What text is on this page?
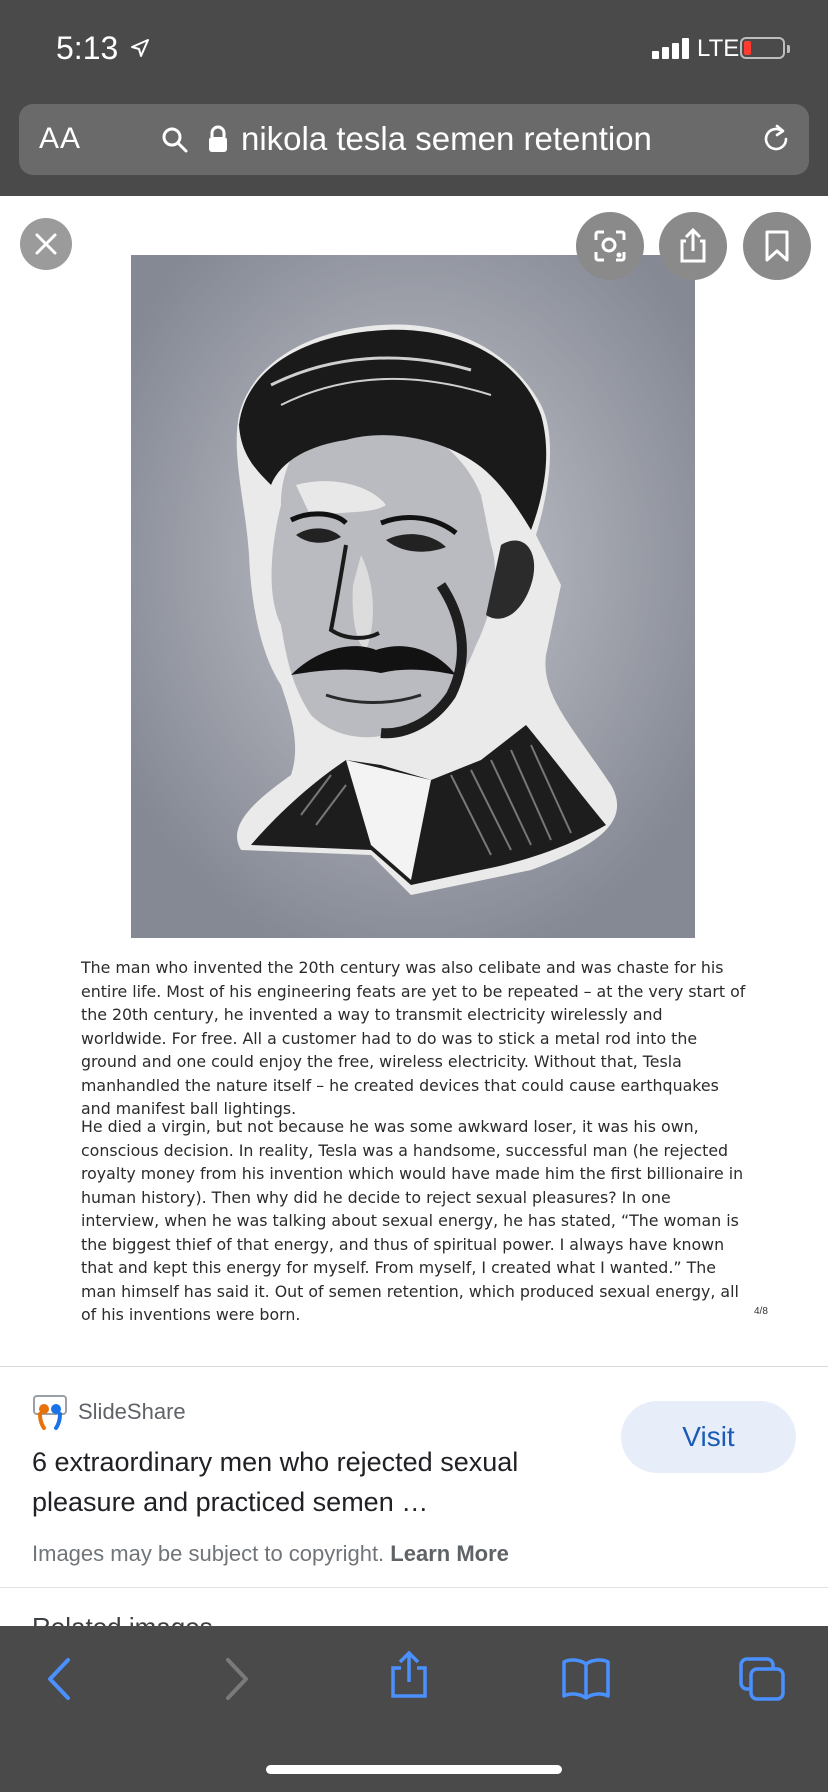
5:13	LTE
AA	nikola tesla semen retention

The man who invented the 20th century was also celibate and was chaste for his entire life. Most of his engineering feats are yet to be repeated – at the very start of the 20th century, he invented a way to transmit electricity wirelessly and worldwide. For free. All a customer had to do was to stick a metal rod into the ground and one could enjoy the free, wireless electricity. Without that, Tesla manhandled the nature itself – he created devices that could cause earthquakes and manifest ball lightings.

He died a virgin, but not because he was some awkward loser, it was his own, conscious decision. In reality, Tesla was a handsome, successful man (he rejected royalty money from his invention which would have made him the first billionaire in human history). Then why did he decide to reject sexual pleasures? In one interview, when he was talking about sexual energy, he has stated, “The woman is the biggest thief of that energy, and thus of spiritual power. I always have known that and kept this energy for myself. From myself, I created what I wanted.” The man himself has said it. Out of semen retention, which produced sexual energy, all of his inventions were born.	4/8
SlideShare
6 extraordinary men who rejected sexual pleasure and practiced semen …
Visit
Images may be subject to copyright. Learn More
